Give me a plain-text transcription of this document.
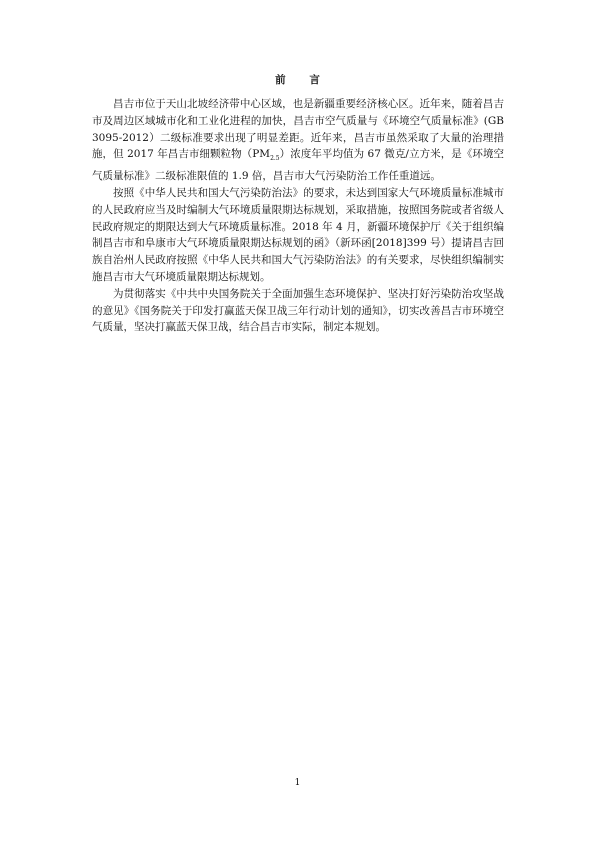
前 言

昌吉市位于天山北坡经济带中心区域，也是新疆重要经济核心区。近年来，随着昌吉市及周边区域城市化和工业化进程的加快，昌吉市空气质量与《环境空气质量标准》(GB3095-2012）二级标准要求出现了明显差距。近年来，昌吉市虽然采取了大量的治理措施，但 2017 年昌吉市细颗粒物$(PM_{2.5})$浓度年平均值为 67 微克/立方米，是《环境空气质量标准》二级标准限值的 1.9 倍，昌吉市大气污染防治工作任重道远。

按照《中华人民共和国大气污染防治法》的要求，未达到国家大气环境质量标准城市的人民政府应当及时编制大气环境质量限期达标规划，采取措施，按照国务院或者省级人民政府规定的期限达到大气环境质量标准。2018 年 4 月，新疆环境保护厅《关于组织编制昌吉市和阜康市大气环境质量限期达标规划的函》（新环函[2018]399 号）提请昌吉回族自治州人民政府按照《中华人民共和国大气污染防治法》的有关要求，尽快组织编制实施昌吉市大气环境质量限期达标规划。

为贯彻落实《中共中央国务院关于全面加强生态环境保护、坚决打好污染防治攻坚战的意见》《国务院关于印发打赢蓝天保卫战三年行动计划的通知》，切实改善昌吉市环境空气质量，坚决打赢蓝天保卫战，结合昌吉市实际，制定本规划。

1
